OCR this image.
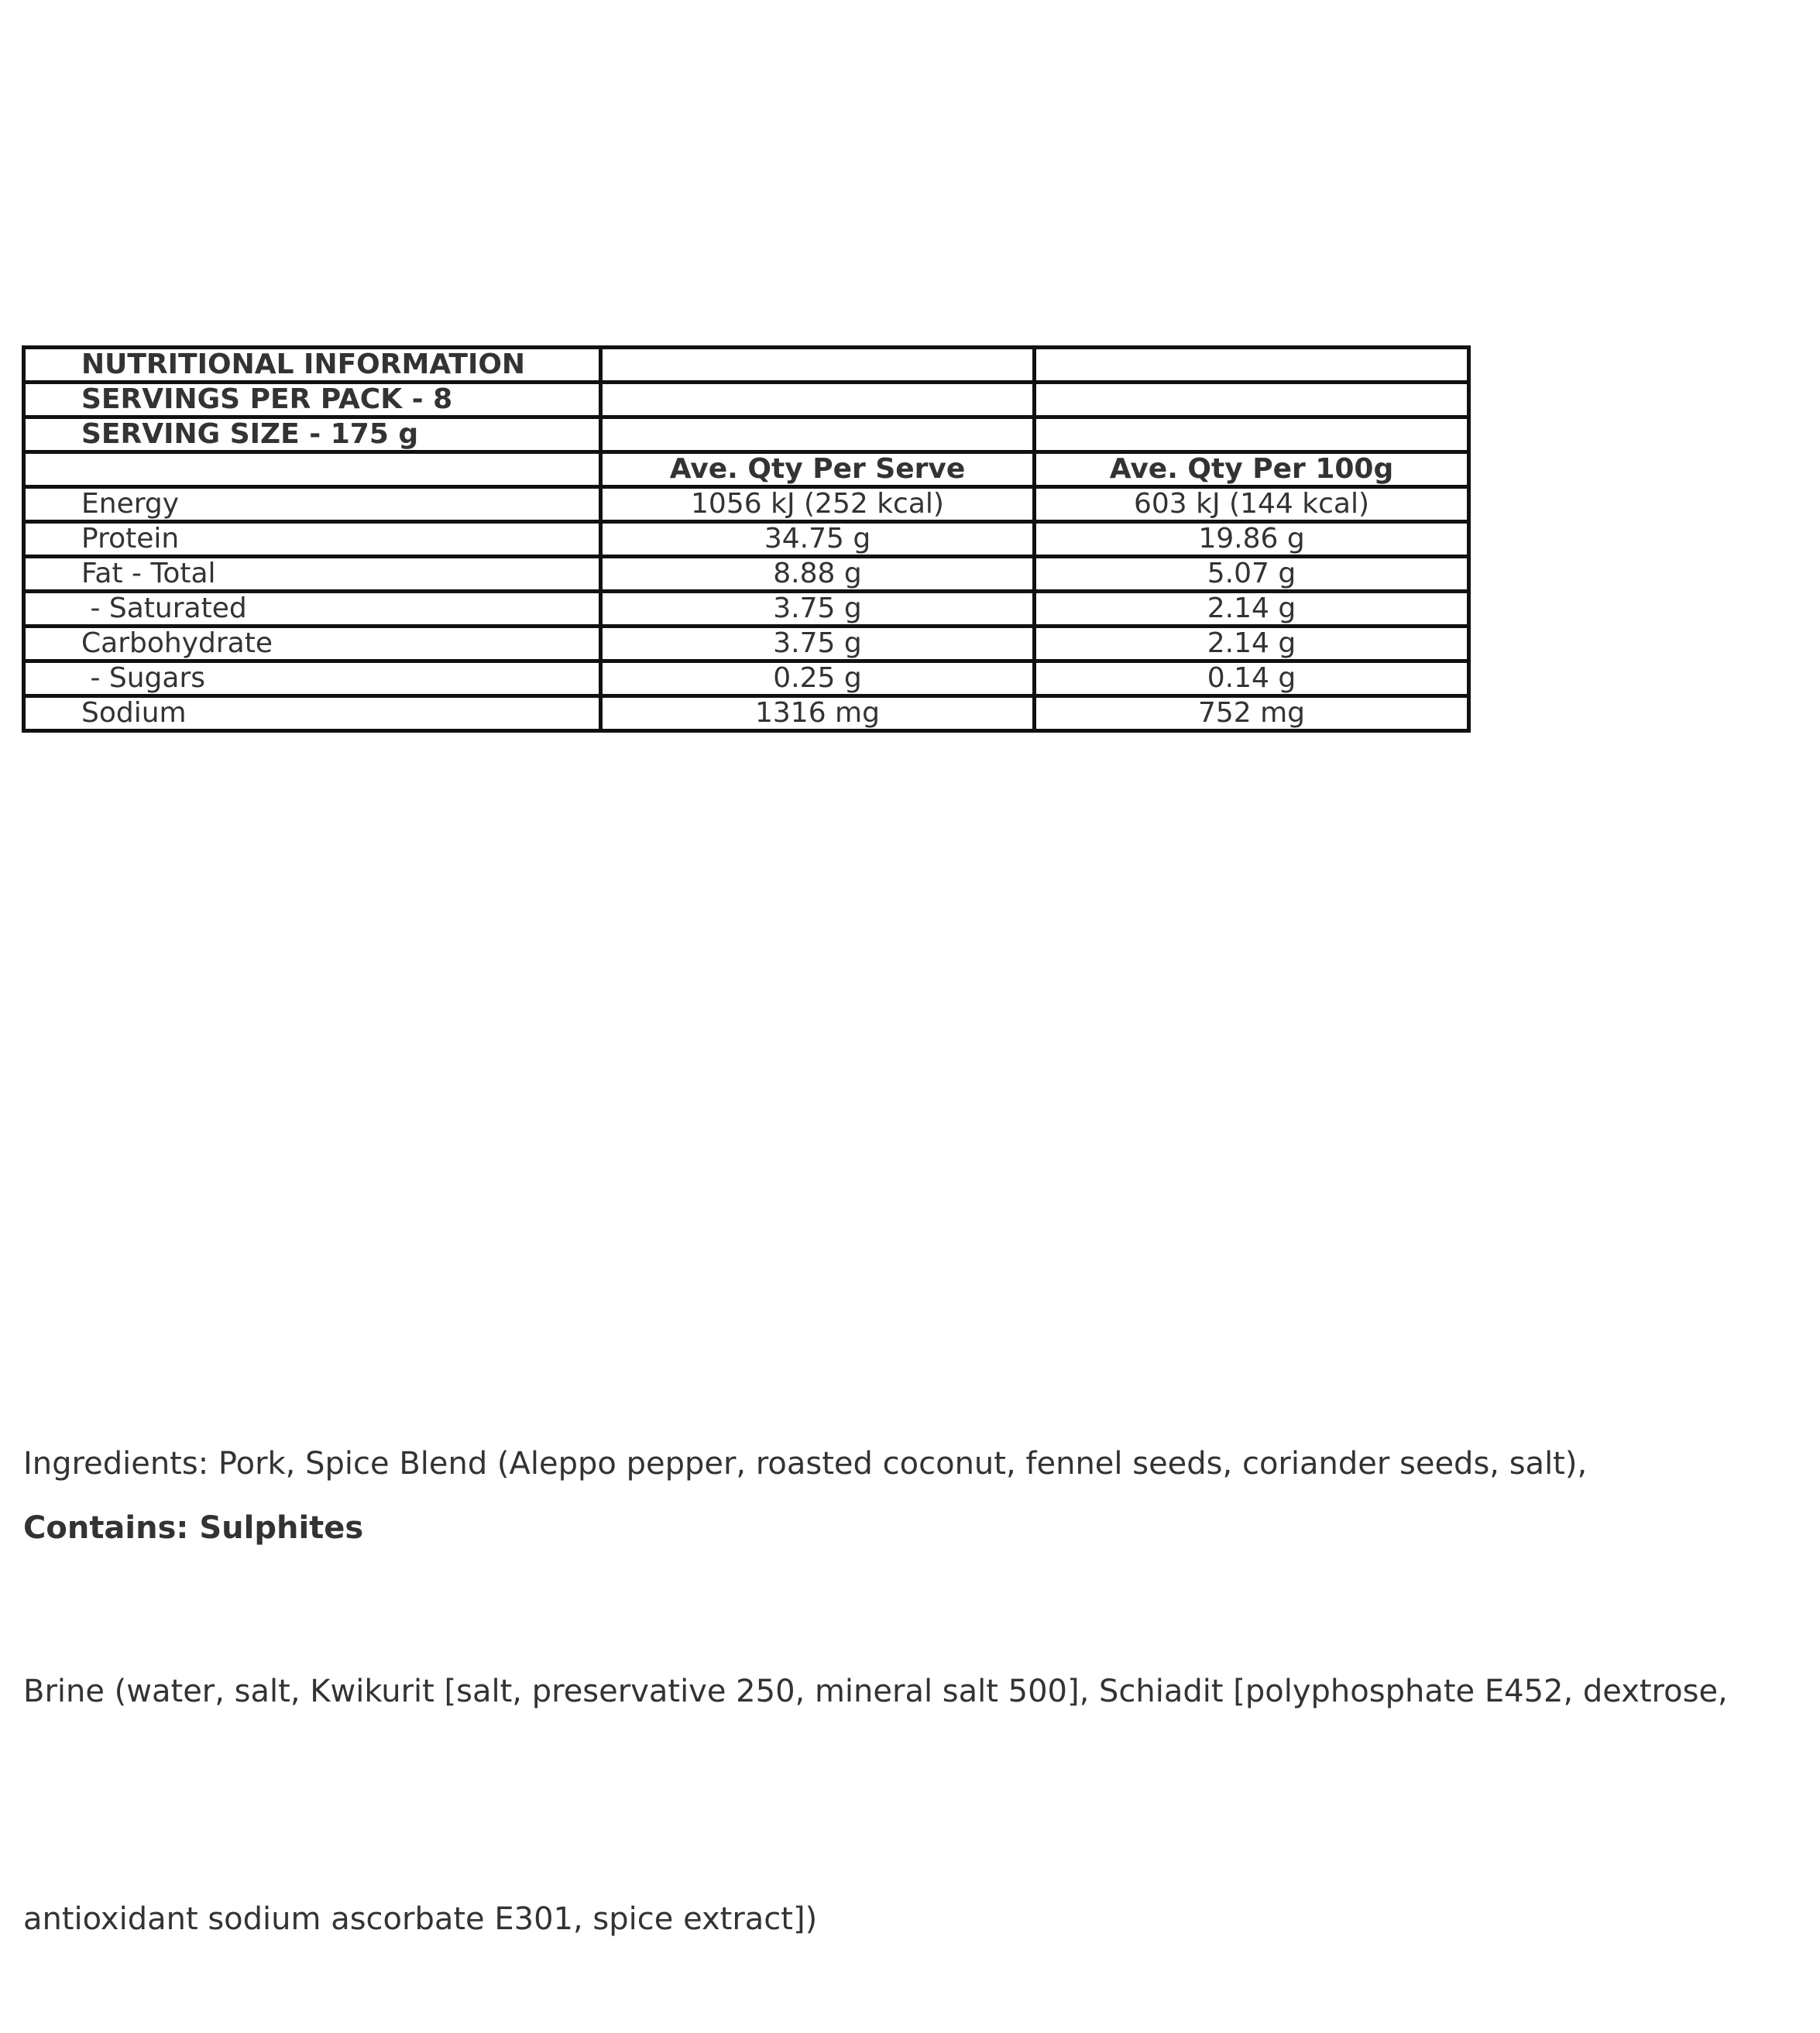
NUTRITIONAL INFORMATION		
SERVINGS PER PACK - 8		
SERVING SIZE - 175 g		
	Ave. Qty Per Serve	Ave. Qty Per 100g
Energy	1056 kJ (252 kcal)	603 kJ (144 kcal)
Protein	34.75 g	19.86 g
Fat - Total	8.88 g	5.07 g
- Saturated	3.75 g	2.14 g
Carbohydrate	3.75 g	2.14 g
- Sugars	0.25 g	0.14 g
Sodium	1316 mg	752 mg

Ingredients: Pork, Spice Blend (Aleppo pepper, roasted coconut, fennel seeds, coriander seeds, salt),

Brine (water, salt, Kwikurit [salt, preservative 250, mineral salt 500], Schiadit [polyphosphate E452, dextrose,

antioxidant sodium ascorbate E301, spice extract])

Contains: Sulphites
